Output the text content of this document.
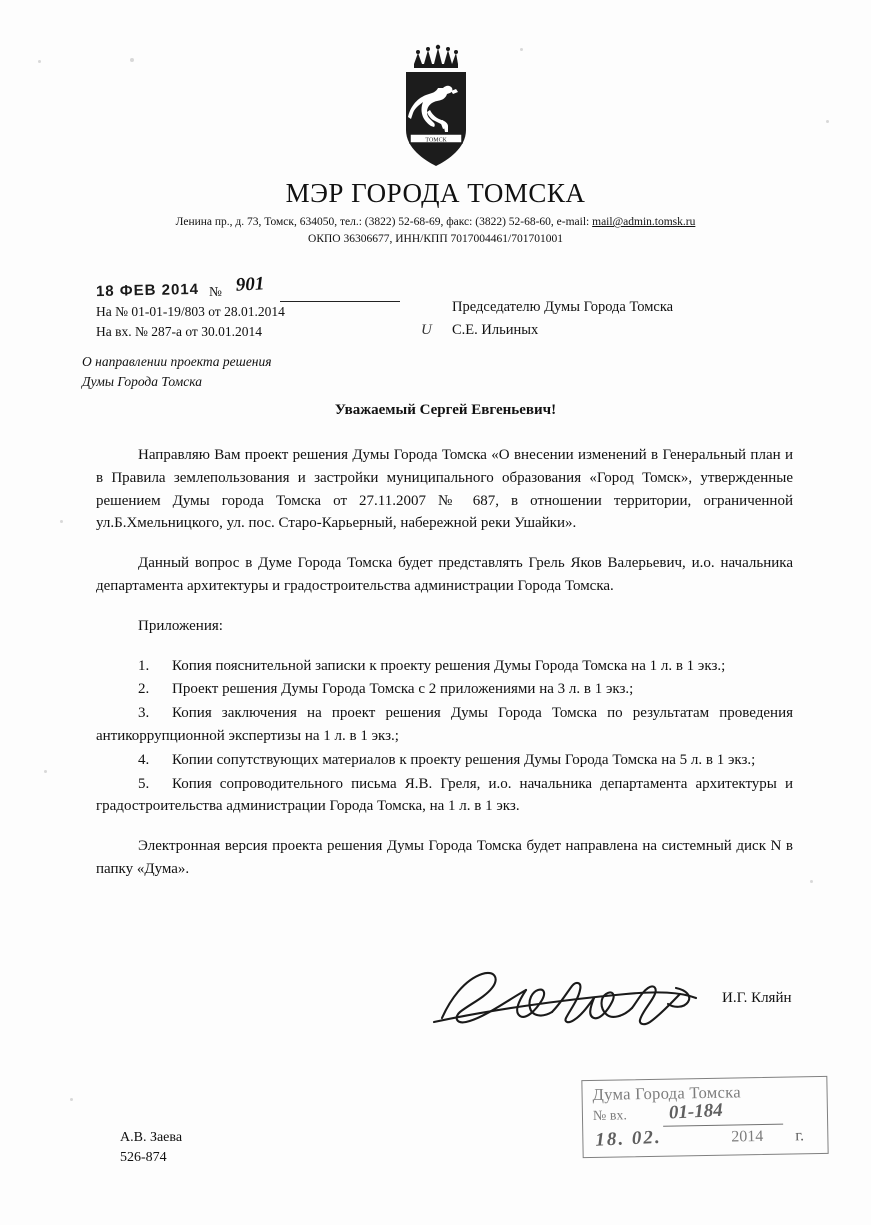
ТОМСК
МЭР ГОРОДА ТОМСКА
Ленина пр., д. 73, Томск, 634050, тел.: (3822) 52-68-69, факс: (3822) 52-68-60, e-mail: mail@admin.tomsk.ru
ОКПО 36306677, ИНН/КПП 7017004461/701701001
18 ФЕВ 2014 № 901
На № 01-01-19/803 от 28.01.2014
На вх. № 287-а от 30.01.2014	U
Председателю Думы Города Томска
С.Е. Ильиных
О направлении проекта решения
Думы Города Томска
Уважаемый Сергей Евгеньевич!

Направляю Вам проект решения Думы Города Томска «О внесении изменений в Генеральный план и в Правила землепользования и застройки муниципального образования «Город Томск», утвержденные решением Думы города Томска от 27.11.2007 № 687, в отношении территории, ограниченной ул.Б.Хмельницкого, ул. пос. Старо-Карьерный, набережной реки Ушайки».

Данный вопрос в Думе Города Томска будет представлять Грель Яков Валерьевич, и.о. начальника департамента архитектуры и градостроительства администрации Города Томска.

Приложения:

1. Копия пояснительной записки к проекту решения Думы Города Томска на 1 л. в 1 экз.;
2. Проект решения Думы Города Томска с 2 приложениями на 3 л. в 1 экз.;
3. Копия заключения на проект решения Думы Города Томска по результатам проведения антикоррупционной экспертизы на 1 л. в 1 экз.;
4. Копии сопутствующих материалов к проекту решения Думы Города Томска на 5 л. в 1 экз.;
5. Копия сопроводительного письма Я.В. Греля, и.о. начальника департамента архитектуры и градостроительства администрации Города Томска, на 1 л. в 1 экз.

Электронная версия проекта решения Думы Города Томска будет направлена на системный диск N в папку «Дума».

И.Г. Кляйн
Дума Города Томска
№ вх. 01-184
18. 02.	2014 г.
А.В. Заева
526-874
